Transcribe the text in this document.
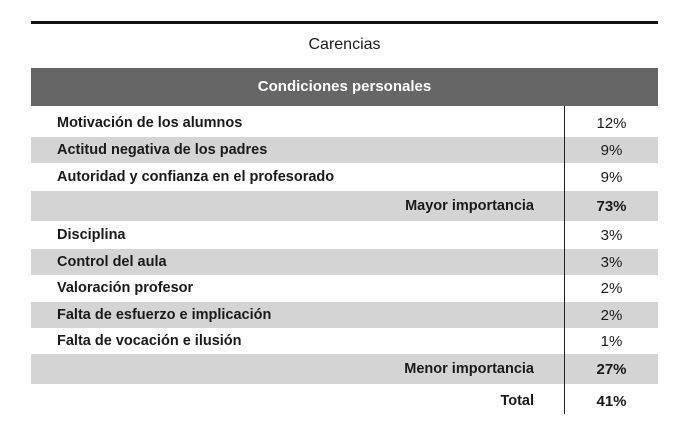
Carencias
Condiciones personales
Motivación de los alumnos	12%
Actitud negativa de los padres	9%
Autoridad y confianza en el profesorado	9%
Mayor importancia	73%
Disciplina	3%
Control del aula	3%
Valoración profesor	2%
Falta de esfuerzo e implicación	2%
Falta de vocación e ilusión	1%
Menor importancia	27%
Total	41%
